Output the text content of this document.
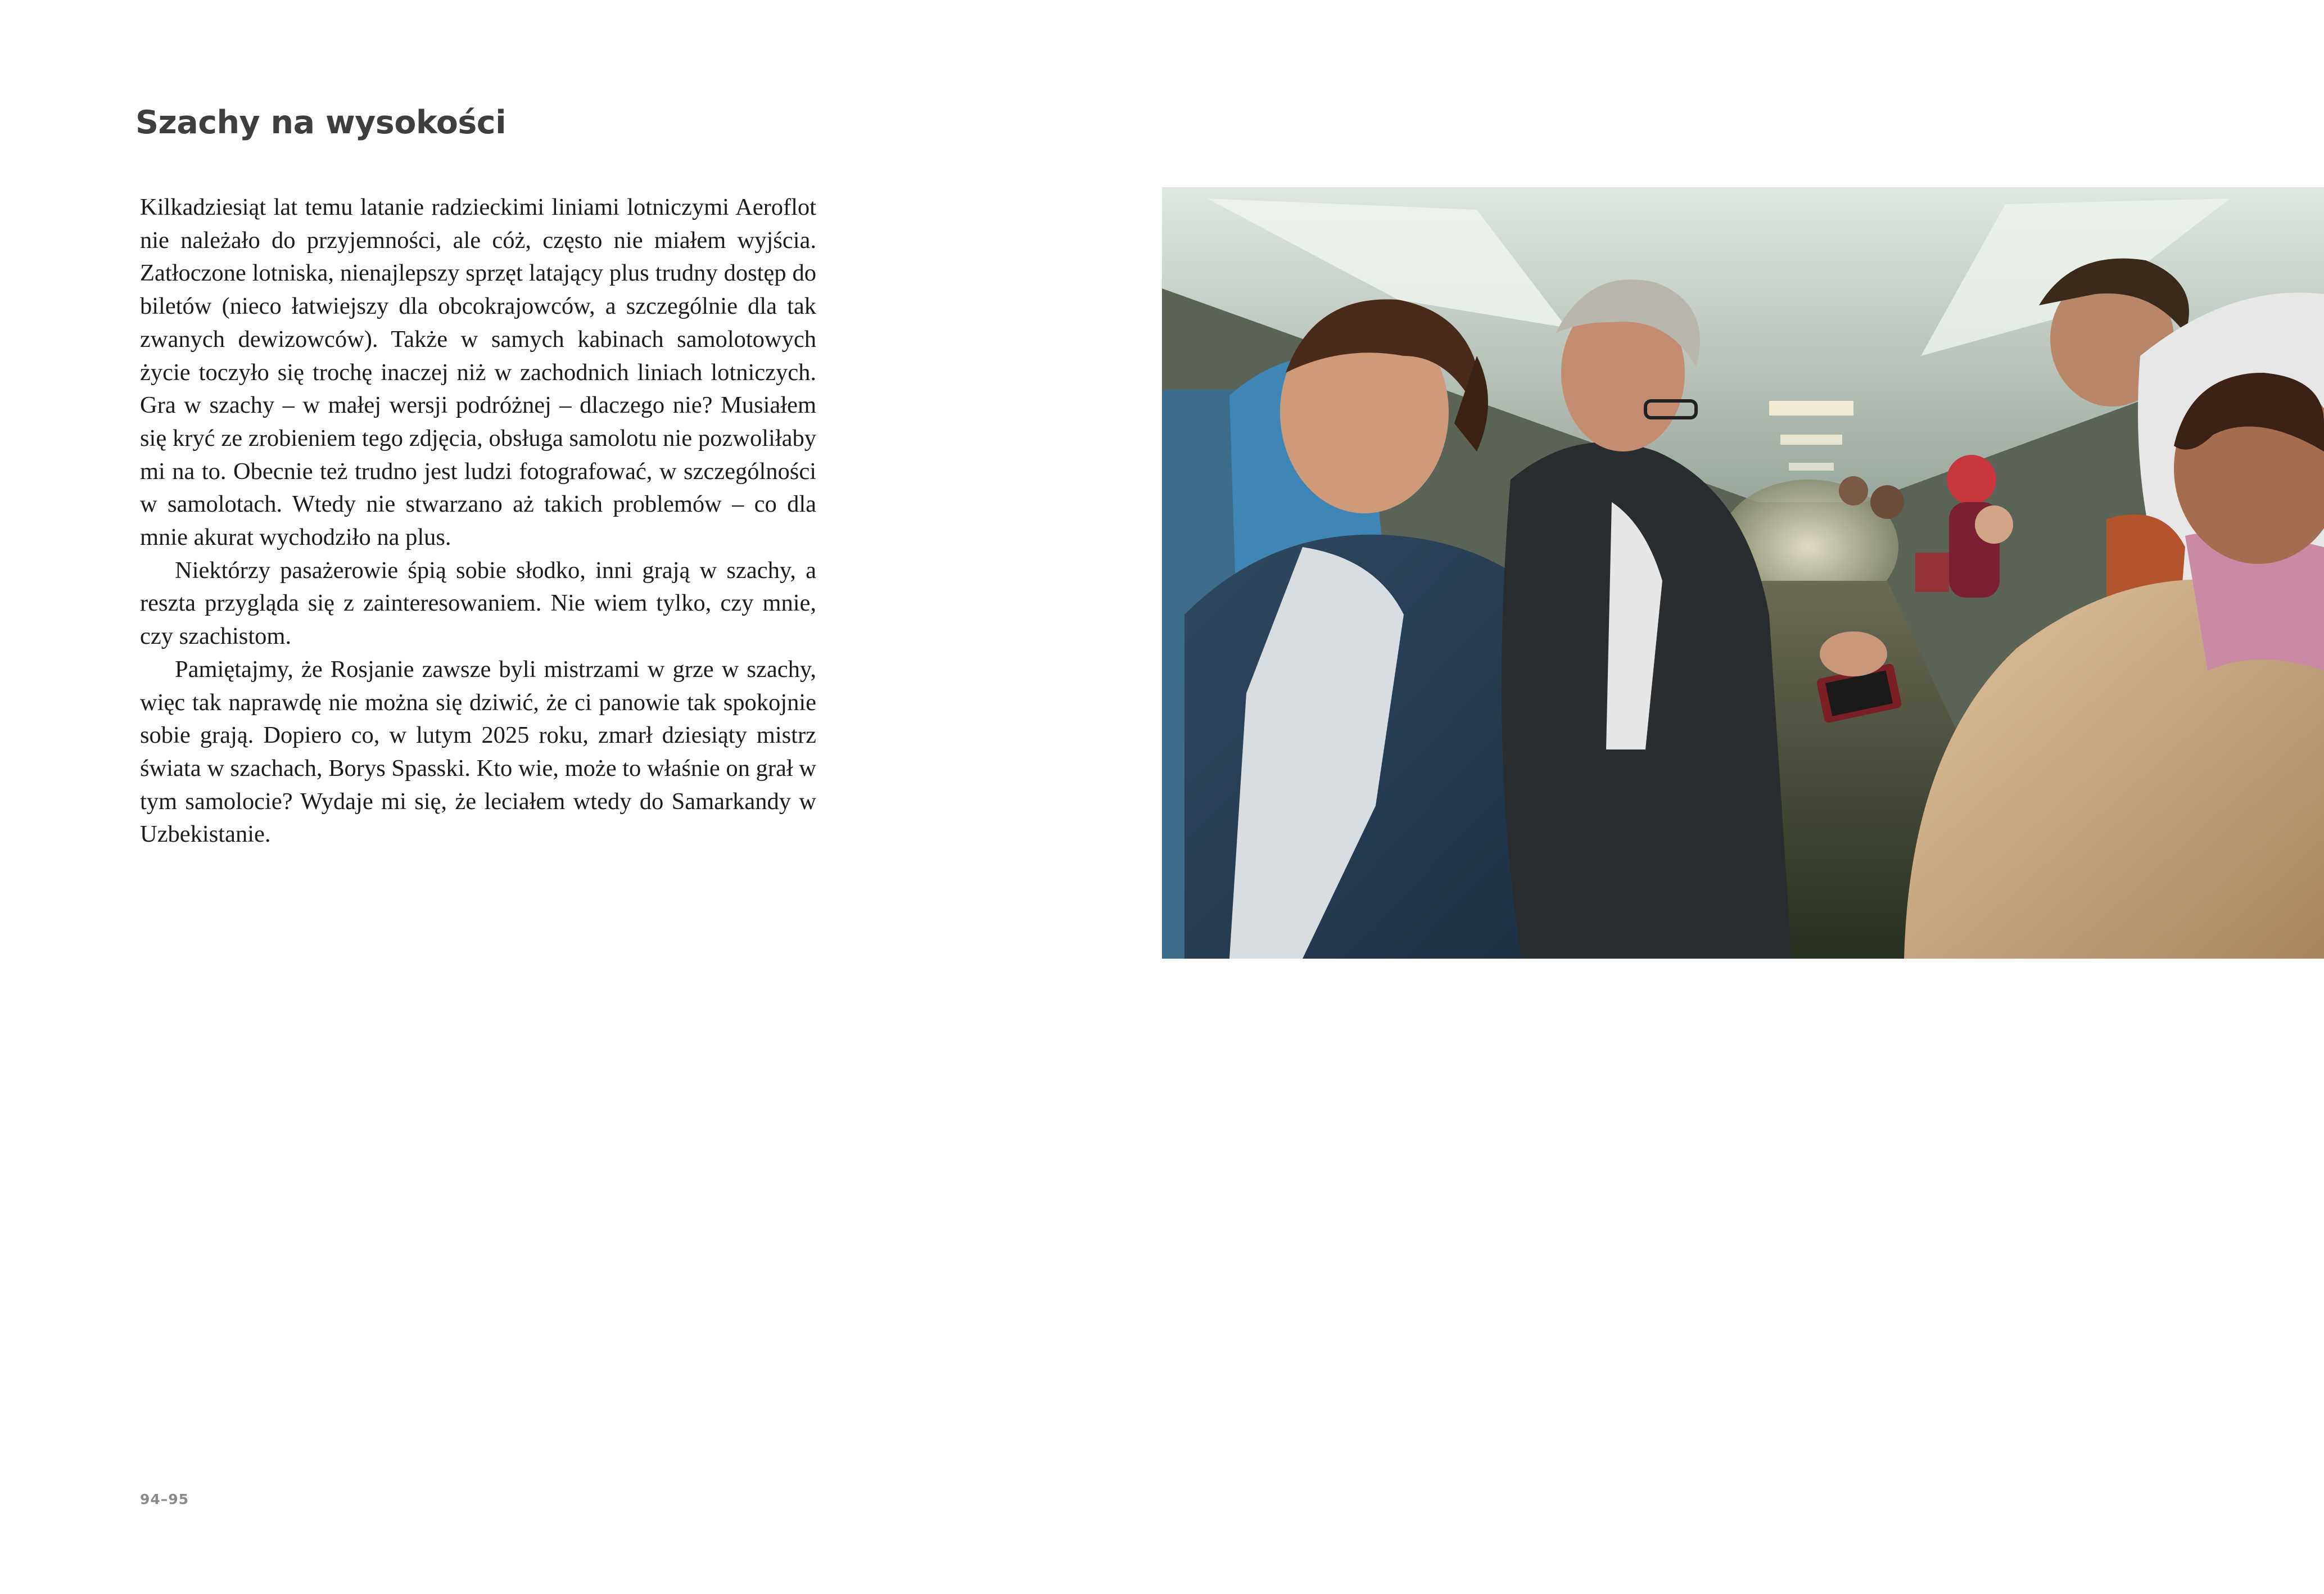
Szachy na wysokości

Kilkadziesiąt lat temu latanie radzieckimi liniami lotniczymi Aeroflot nie należało do przyjemności, ale cóż, często nie miałem wyjścia. Zatłoczone lotniska, nienajlepszy sprzęt latający plus trudny dostęp do biletów (nieco łatwiejszy dla obcokrajowców, a szczególnie dla tak zwanych dewizowców). Także w samych kabinach samolotowych życie toczyło się trochę inaczej niż w zachodnich liniach lotniczych. Gra w szachy – w małej wersji podróżnej – dlaczego nie? Musiałem się kryć ze zrobieniem tego zdjęcia, obsługa samolotu nie pozwoliłaby mi na to. Obecnie też trudno jest ludzi fotografować, w szczególności w samolotach. Wtedy nie stwarzano aż takich problemów – co dla mnie akurat wychodziło na plus.

Niektórzy pasażerowie śpią sobie słodko, inni grają w szachy, a reszta przygląda się z zainteresowaniem. Nie wiem tylko, czy mnie, czy szachistom.

Pamiętajmy, że Rosjanie zawsze byli mistrzami w grze w szachy, więc tak naprawdę nie można się dziwić, że ci panowie tak spokojnie sobie grają. Dopiero co, w lutym 2025 roku, zmarł dziesiąty mistrz świata w szachach, Borys Spasski. Kto wie, może to właśnie on grał w tym samolocie? Wydaje mi się, że leciałem wtedy do Samarkandy w Uzbekistanie.

94–95
